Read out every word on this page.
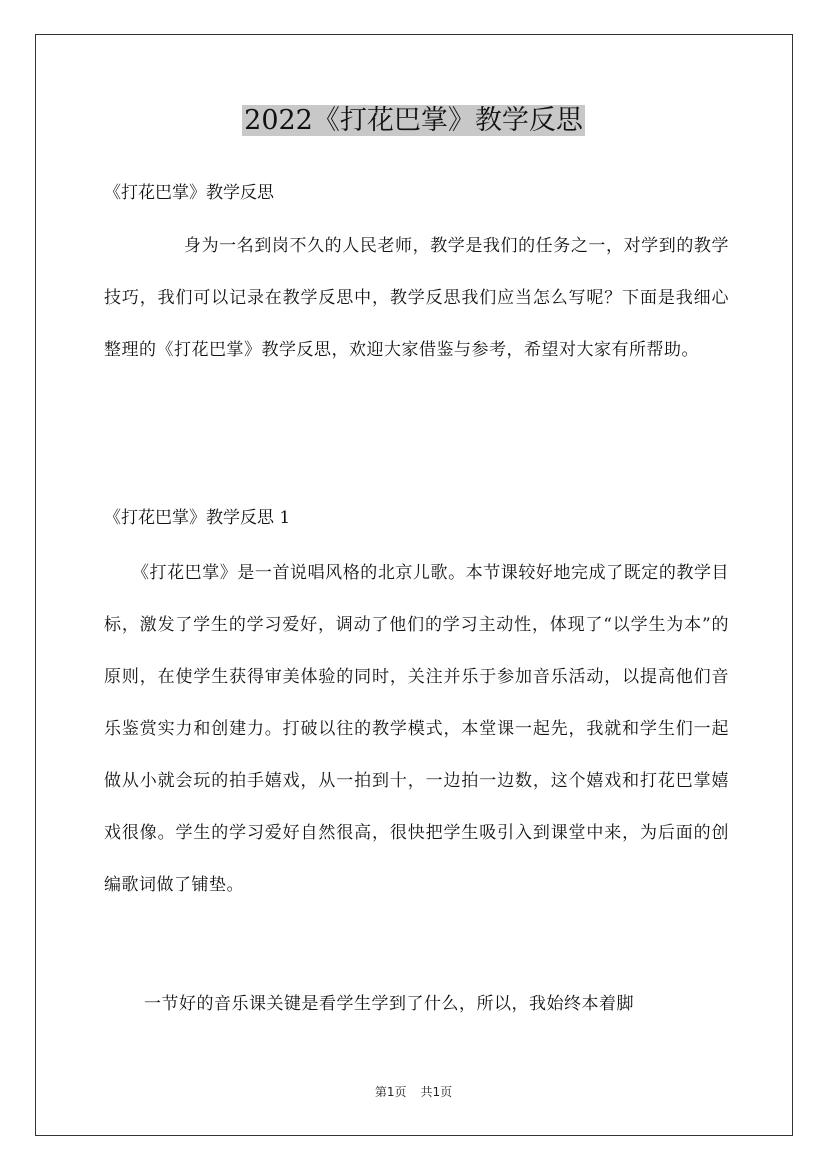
2022《打花巴掌》教学反思

《打花巴掌》教学反思

身为一名到岗不久的人民老师，教学是我们的任务之一，对学到的教学技巧，我们可以记录在教学反思中，教学反思我们应当怎么写呢？下面是我细心整理的《打花巴掌》教学反思，欢迎大家借鉴与参考，希望对大家有所帮助。

《打花巴掌》教学反思 1

《打花巴掌》是一首说唱风格的北京儿歌。本节课较好地完成了既定的教学目标，激发了学生的学习爱好，调动了他们的学习主动性，体现了“以学生为本”的原则，在使学生获得审美体验的同时，关注并乐于参加音乐活动，以提高他们音乐鉴赏实力和创建力。打破以往的教学模式，本堂课一起先，我就和学生们一起做从小就会玩的拍手嬉戏，从一拍到十，一边拍一边数，这个嬉戏和打花巴掌嬉戏很像。学生的学习爱好自然很高，很快把学生吸引入到课堂中来，为后面的创编歌词做了铺垫。

一节好的音乐课关键是看学生学到了什么，所以，我始终本着脚

第1页 共1页
